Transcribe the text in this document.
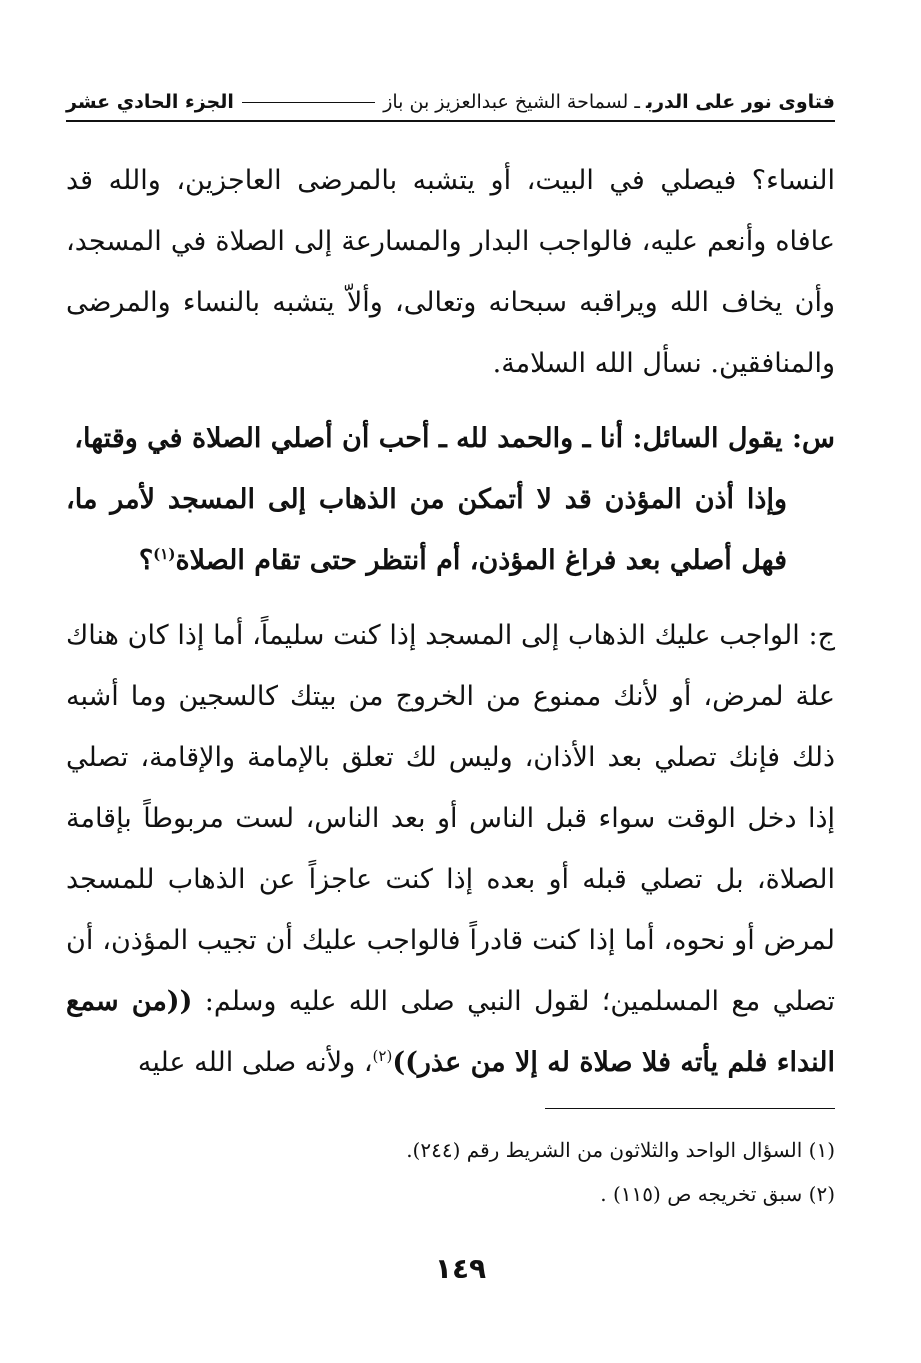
فتاوى نور على الدربـ لسماحة الشيخ عبدالعزيز بن باز
الجزء الحادي عشر

النساء؟ فيصلي في البيت، أو يتشبه بالمرضى العاجزين، والله قد عافاه وأنعم عليه، فالواجب البدار والمسارعة إلى الصلاة في المسجد، وأن يخاف الله ويراقبه سبحانه وتعالى، وألاّ يتشبه بالنساء والمرضى والمنافقين. نسأل الله السلامة.

س: يقول السائل: أنا ـ والحمد لله ـ أحب أن أصلي الصلاة في وقتها،
وإذا أذن المؤذن قد لا أتمكن من الذهاب إلى المسجد لأمر ما، فهل أصلي بعد فراغ المؤذن، أم أنتظر حتى تقام الصلاة$^{(١)}$؟

ج: الواجب عليك الذهاب إلى المسجد إذا كنت سليماً، أما إذا كان هناك علة لمرض، أو لأنك ممنوع من الخروج من بيتك كالسجين وما أشبه ذلك فإنك تصلي بعد الأذان، وليس لك تعلق بالإمامة والإقامة، تصلي إذا دخل الوقت سواء قبل الناس أو بعد الناس، لست مربوطاً بإقامة الصلاة، بل تصلي قبله أو بعده إذا كنت عاجزاً عن الذهاب للمسجد لمرض أو نحوه، أما إذا كنت قادراً فالواجب عليك أن تجيب المؤذن، أن تصلي مع المسلمين؛ لقول النبي صلى الله عليه وسلم: ((من سمع النداء فلم يأته فلا صلاة له إلا من عذر))$^{(٢)}$، ولأنه صلى الله عليه

(١) السؤال الواحد والثلاثون من الشريط رقم (٢٤٤).

(٢) سبق تخريجه ص (١١٥) .

١٤٩
